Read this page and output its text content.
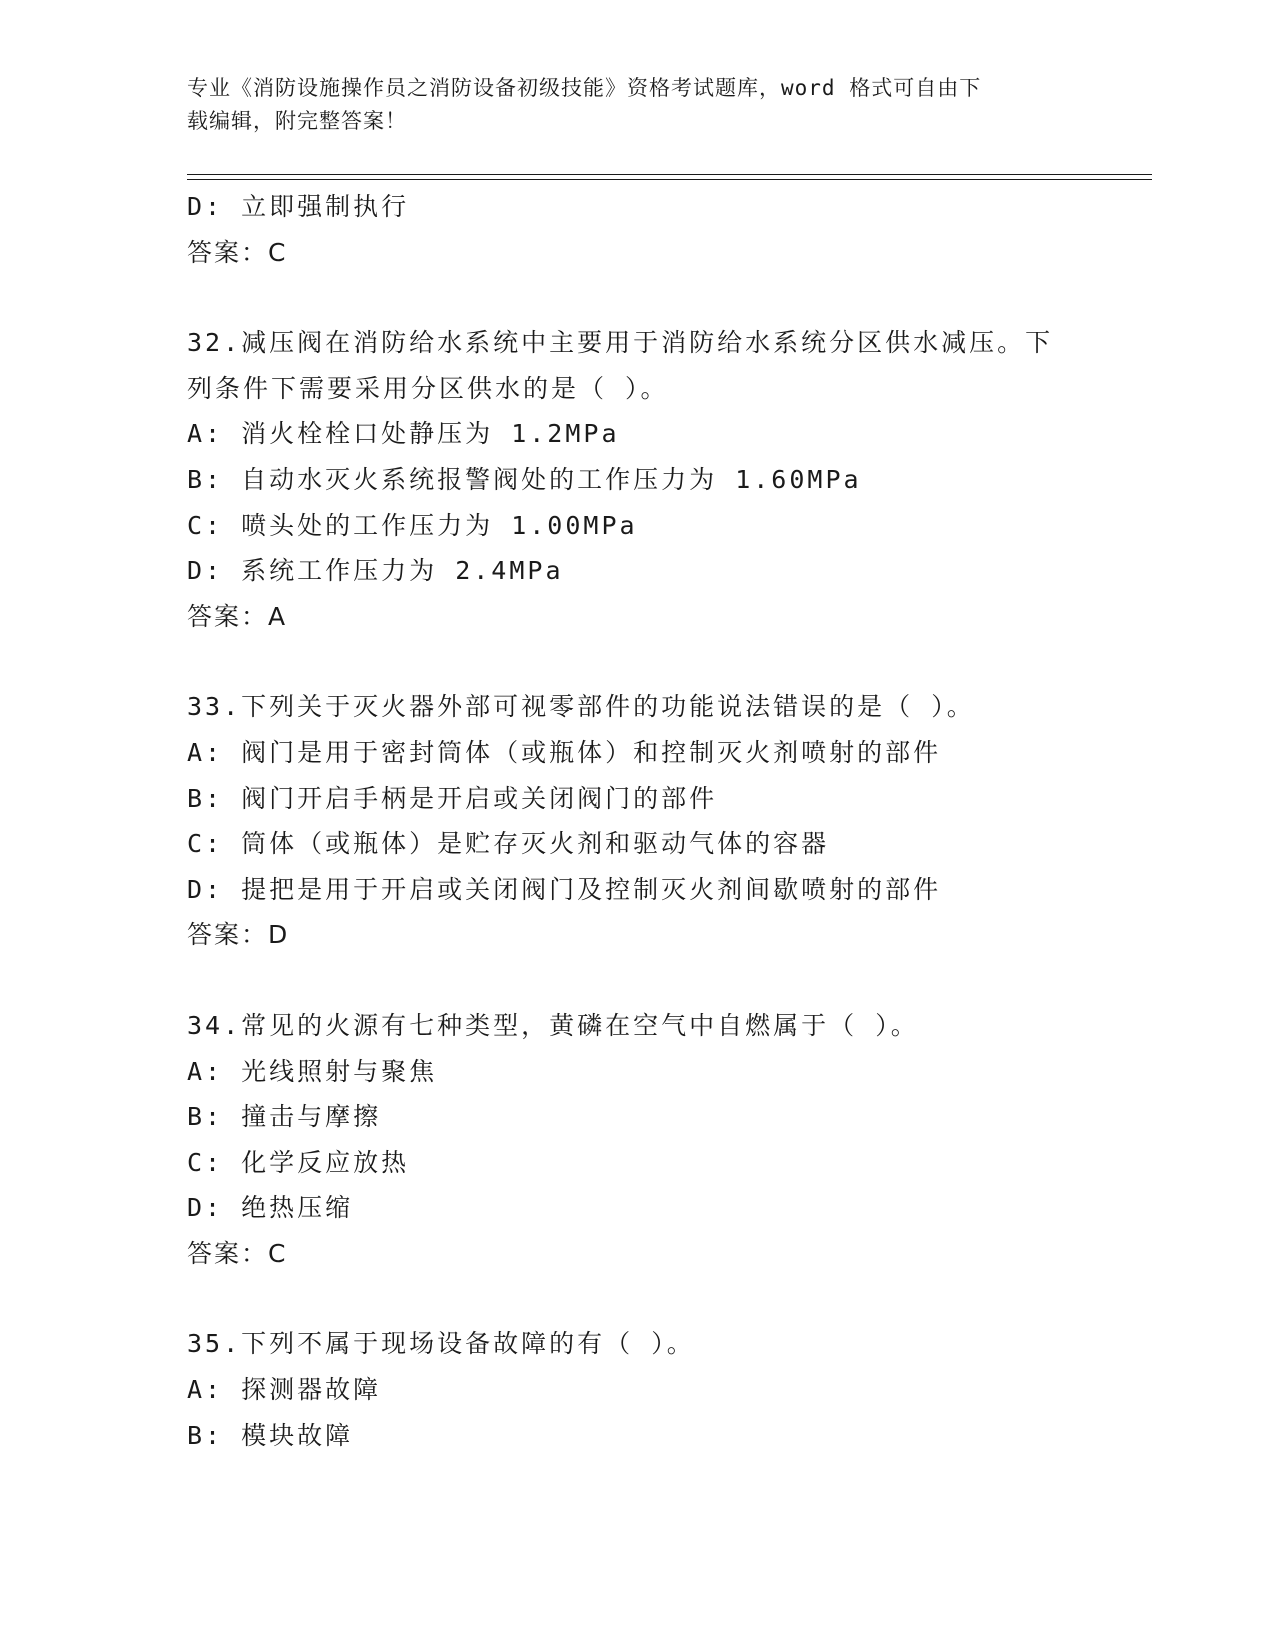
专业《消防设施操作员之消防设备初级技能》资格考试题库，word 格式可自由下
载编辑，附完整答案！
D: 立即强制执行
答案：C
32.减压阀在消防给水系统中主要用于消防给水系统分区供水减压。下
列条件下需要采用分区供水的是（ ）。
A: 消火栓栓口处静压为 1.2MPa
B: 自动水灭火系统报警阀处的工作压力为 1.60MPa
C: 喷头处的工作压力为 1.00MPa
D: 系统工作压力为 2.4MPa
答案：A
33.下列关于灭火器外部可视零部件的功能说法错误的是（ ）。
A: 阀门是用于密封筒体（或瓶体）和控制灭火剂喷射的部件
B: 阀门开启手柄是开启或关闭阀门的部件
C: 筒体（或瓶体）是贮存灭火剂和驱动气体的容器
D: 提把是用于开启或关闭阀门及控制灭火剂间歇喷射的部件
答案：D
34.常见的火源有七种类型，黄磷在空气中自燃属于（ ）。
A: 光线照射与聚焦
B: 撞击与摩擦
C: 化学反应放热
D: 绝热压缩
答案：C
35.下列不属于现场设备故障的有（ ）。
A: 探测器故障
B: 模块故障
